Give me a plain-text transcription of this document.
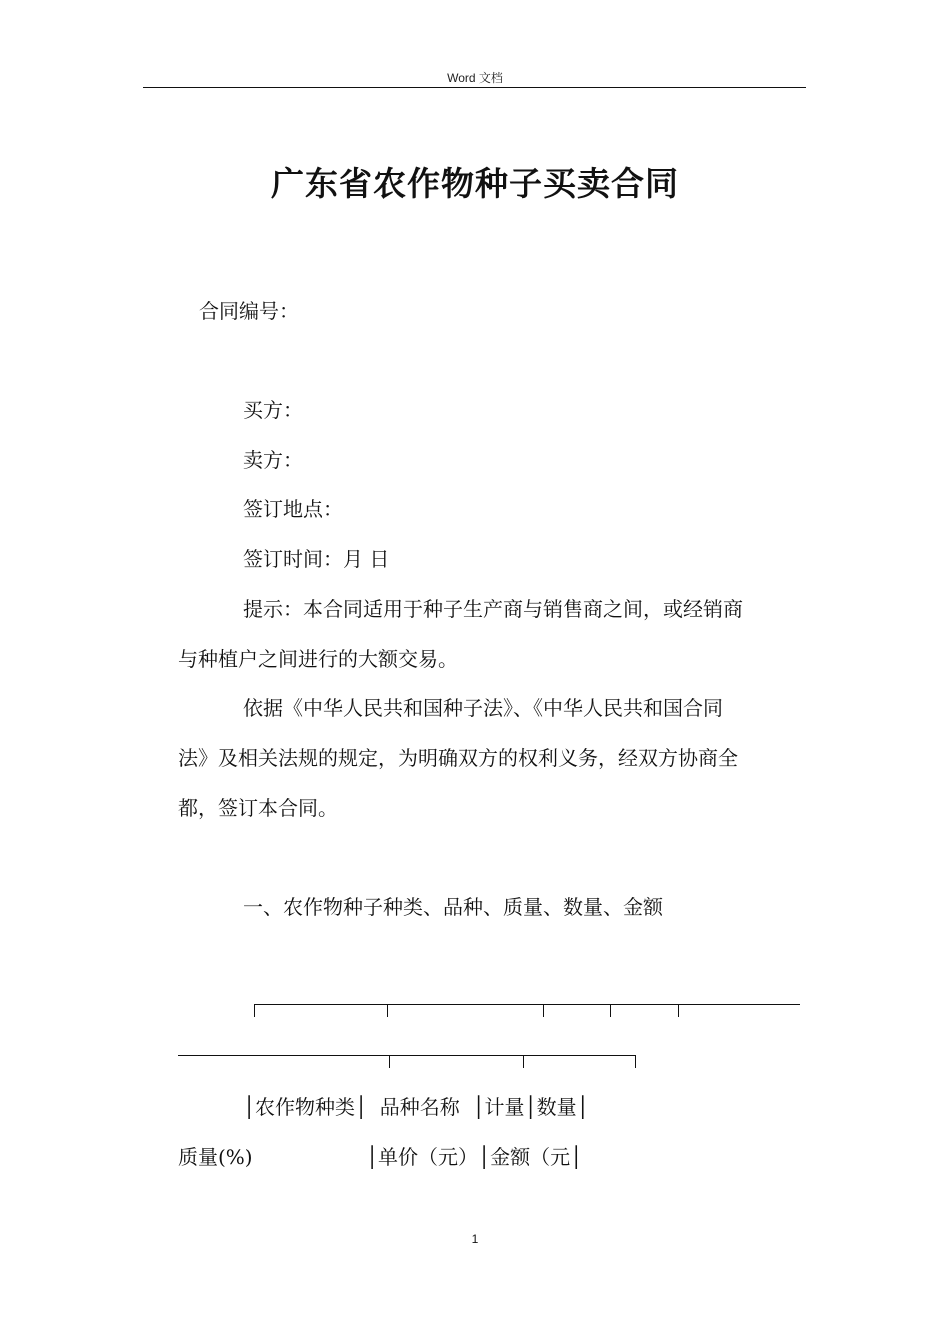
Word 文档
广东省农作物种子买卖合同
合同编号：
买方：
卖方：
签订地点：
签订时间：月 日
提示：本合同适用于种子生产商与销售商之间，或经销商
与种植户之间进行的大额交易。
依据《中华人民共和国种子法》、《中华人民共和国合同
法》及相关法规的规定，为明确双方的权利义务，经双方协商全
都，签订本合同。
一、农作物种子种类、品种、质量、数量、金额
│农作物种类│  品种名称  │计量│数量│
质量(%)	│单价（元）│金额（元│
1
